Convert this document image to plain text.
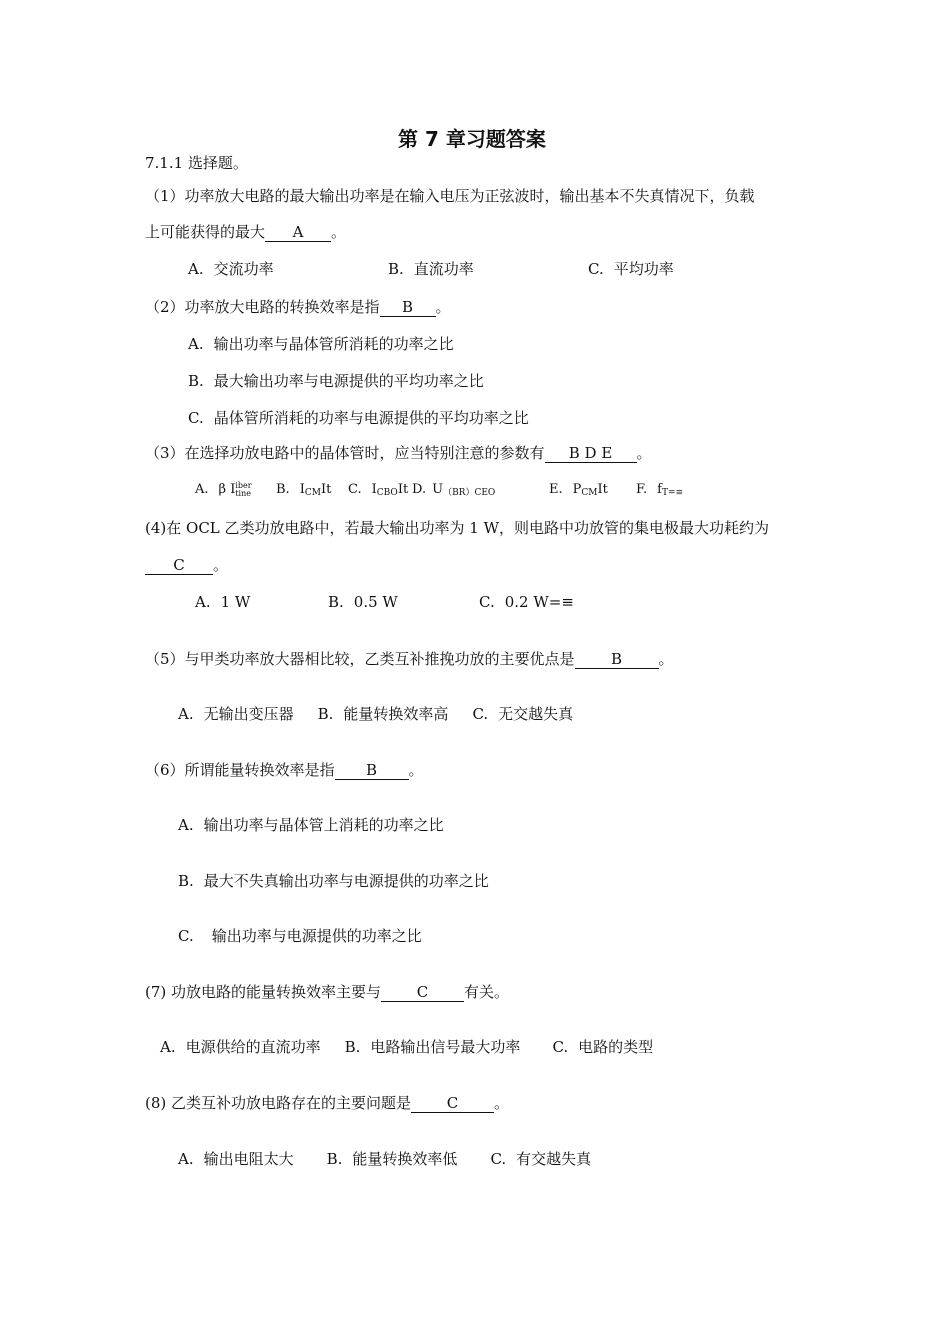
第 7 章习题答案
7.1.1 选择题。
（1）功率放大电路的最大输出功率是在输入电压为正弦波时，输出基本不失真情况下，负载
上可能获得的最大 A 。
A. 交流功率	B. 直流功率	C. 平均功率
（2）功率放大电路的转换效率是指 B 。
A. 输出功率与晶体管所消耗的功率之比
B. 最大输出功率与电源提供的平均功率之比
C. 晶体管所消耗的功率与电源提供的平均功率之比
（3）在选择功放电路中的晶体管时，应当特别注意的参数有 B D E 。
A. β Iiber
tine B. $I_{CM}It$ C. $I_{CBO}It$ D. $U_{(BR)CEO}$	E. $P_{CM}It$ F. $f_{T=\equiv}$
(4)在 OCL 乙类功放电路中，若最大输出功率为 1 W，则电路中功放管的集电极最大功耗约为
C 。
A. 1 W	B. 0.5 W	C. 0.2 W=≡
（5）与甲类功率放大器相比较，乙类互补推挽功放的主要优点是 B 。
A. 无输出变压器 B. 能量转换效率高 C. 无交越失真
（6）所谓能量转换效率是指 B 。
A. 输出功率与晶体管上消耗的功率之比
B. 最大不失真输出功率与电源提供的功率之比
C. 输出功率与电源提供的功率之比
(7) 功放电路的能量转换效率主要与 C 有关。
A. 电源供给的直流功率 B. 电路输出信号最大功率 C. 电路的类型
(8) 乙类互补功放电路存在的主要问题是 C 。
A. 输出电阻太大 B. 能量转换效率低 C. 有交越失真
